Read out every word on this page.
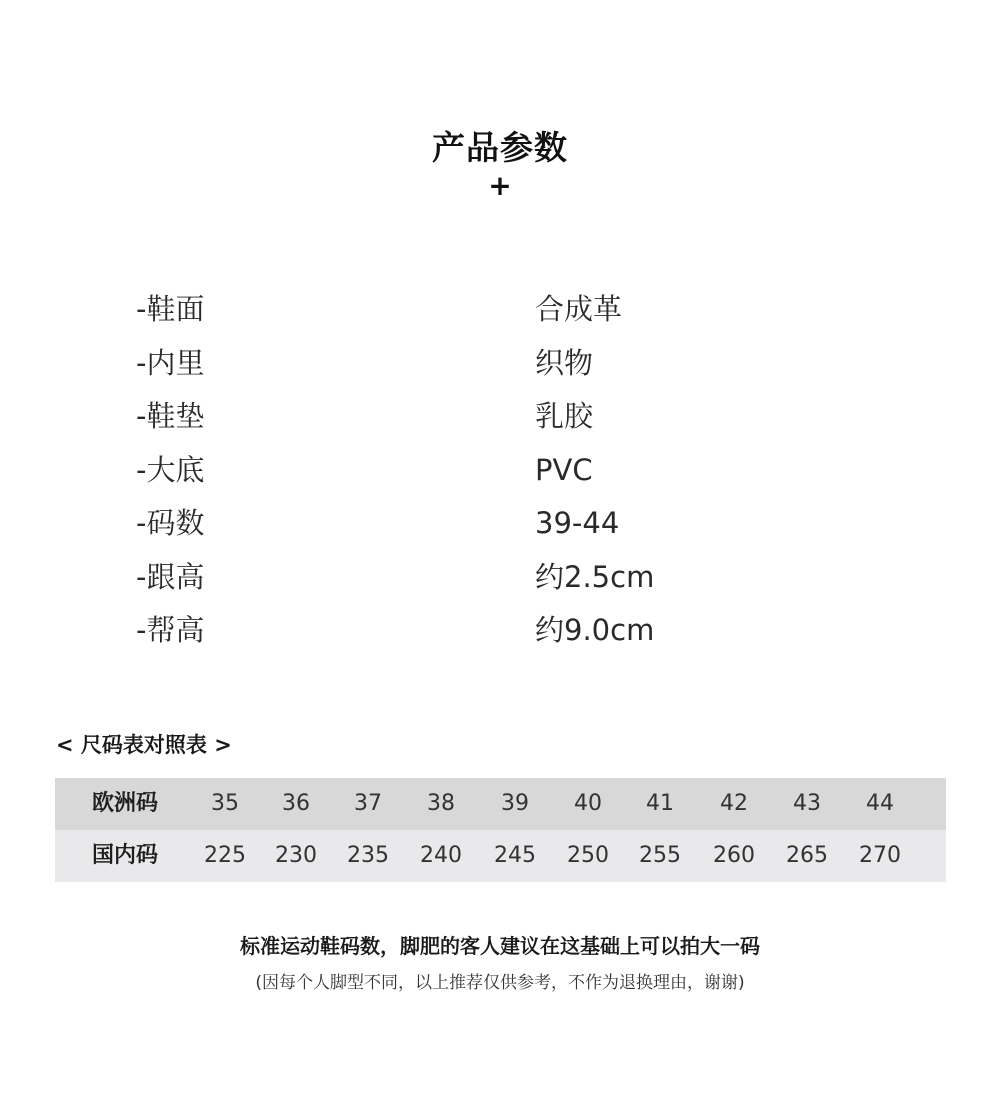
产品参数
+
-鞋面	合成革
-内里	织物
-鞋垫	乳胶
-大底	PVC
-码数	39-44
-跟高	约2.5cm
-帮高	约9.0cm
< 尺码表对照表 >
欧洲码	35	36	37	38	39	40	41	42	43	44
国内码	225	230	235	240	245	250	255	260	265	270
标准运动鞋码数，脚肥的客人建议在这基础上可以拍大一码
(因每个人脚型不同，以上推荐仅供参考，不作为退换理由，谢谢)
